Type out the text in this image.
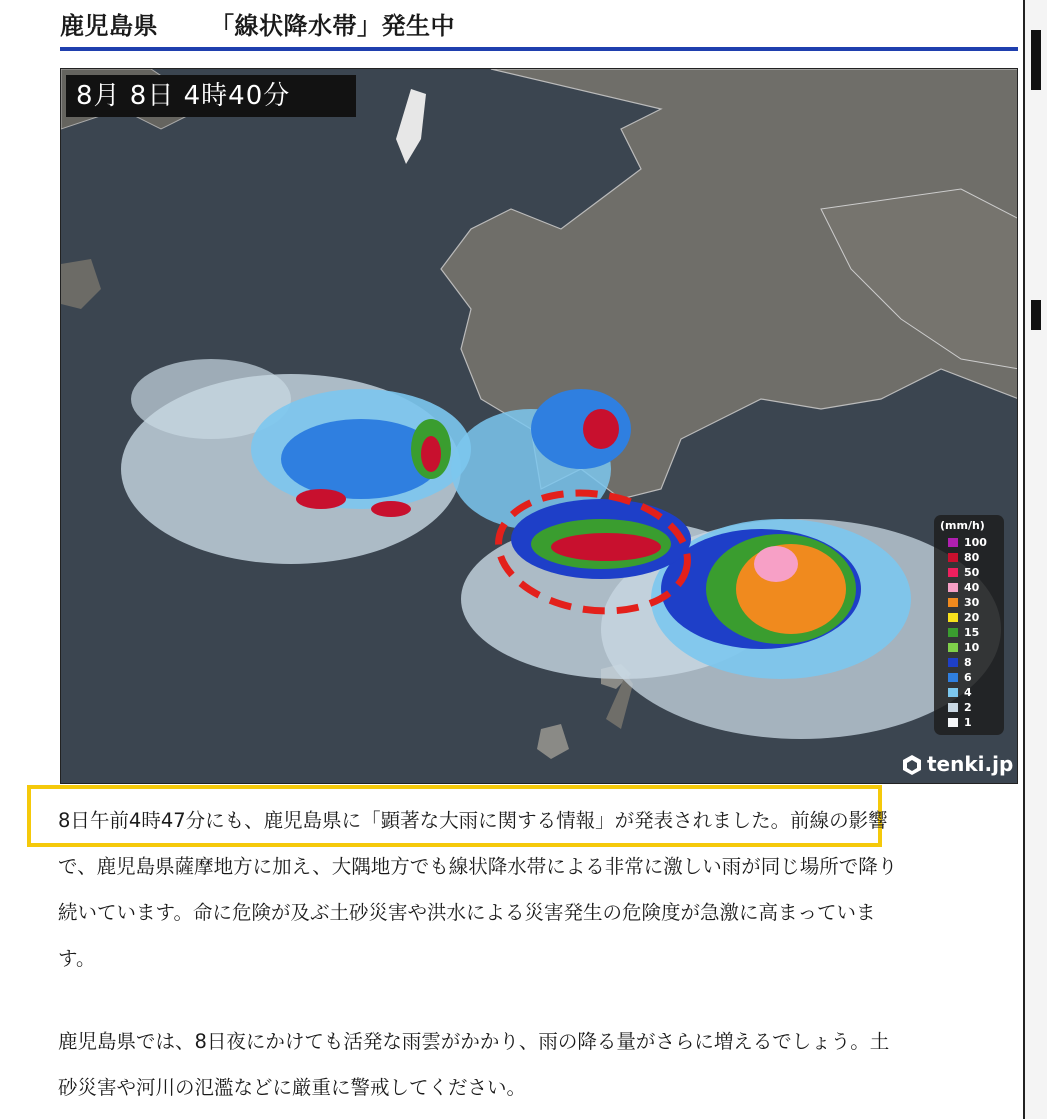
鹿児島県 「線状降水帯」発生中
8月 8日 4時40分
(mm/h)
100
80
50
40
30
20
15
10
8
6
4
2
1
tenki.jp
8日午前4時47分にも、鹿児島県に「顕著な大雨に関する情報」が発表されました。前線の影響
で、鹿児島県薩摩地方に加え、大隅地方でも線状降水帯による非常に激しい雨が同じ場所で降り
続いています。命に危険が及ぶ土砂災害や洪水による災害発生の危険度が急激に高まっていま
す。
鹿児島県では、8日夜にかけても活発な雨雲がかかり、雨の降る量がさらに増えるでしょう。土
砂災害や河川の氾濫などに厳重に警戒してください。
